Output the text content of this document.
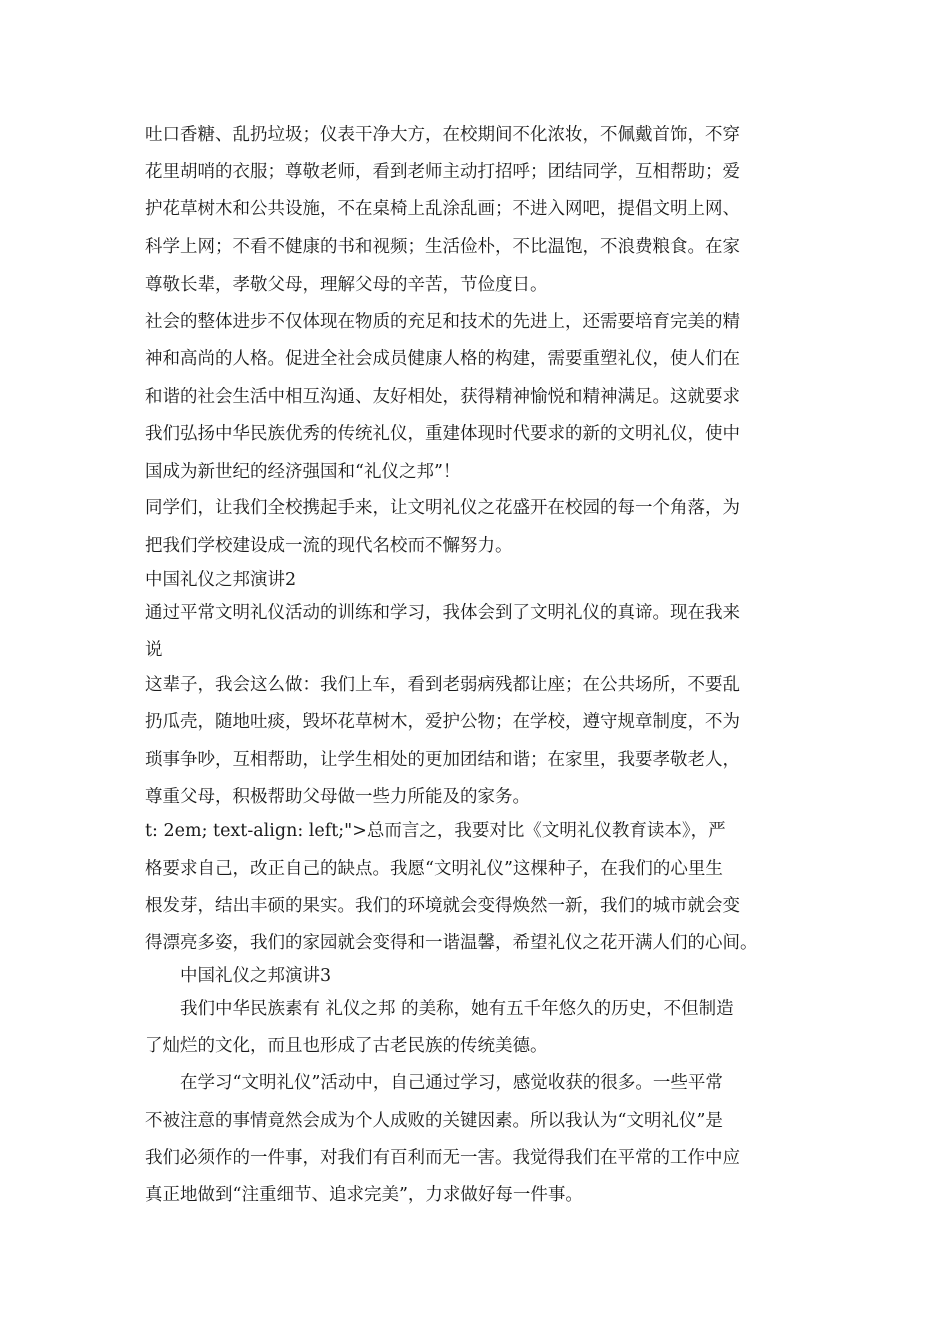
吐口香糖、乱扔垃圾；仪表干净大方，在校期间不化浓妆，不佩戴首饰，不穿
花里胡哨的衣服；尊敬老师，看到老师主动打招呼；团结同学，互相帮助；爱
护花草树木和公共设施，不在桌椅上乱涂乱画；不进入网吧，提倡文明上网、
科学上网；不看不健康的书和视频；生活俭朴，不比温饱，不浪费粮食。在家
尊敬长辈，孝敬父母，理解父母的辛苦，节俭度日。
社会的整体进步不仅体现在物质的充足和技术的先进上，还需要培育完美的精
神和高尚的人格。促进全社会成员健康人格的构建，需要重塑礼仪，使人们在
和谐的社会生活中相互沟通、友好相处，获得精神愉悦和精神满足。这就要求
我们弘扬中华民族优秀的传统礼仪，重建体现时代要求的新的文明礼仪，使中
国成为新世纪的经济强国和“礼仪之邦”！
同学们，让我们全校携起手来，让文明礼仪之花盛开在校园的每一个角落，为
把我们学校建设成一流的现代名校而不懈努力。
中国礼仪之邦演讲2
通过平常文明礼仪活动的训练和学习，我体会到了文明礼仪的真谛。现在我来
说
这辈子，我会这么做：我们上车，看到老弱病残都让座；在公共场所，不要乱
扔瓜壳，随地吐痰，毁坏花草树木，爱护公物；在学校，遵守规章制度，不为
琐事争吵，互相帮助，让学生相处的更加团结和谐；在家里，我要孝敬老人，
尊重父母，积极帮助父母做一些力所能及的家务。
t: 2em; text-align: left;">总而言之，我要对比《文明礼仪教育读本》，严
格要求自己，改正自己的缺点。我愿“文明礼仪”这棵种子，在我们的心里生
根发芽，结出丰硕的果实。我们的环境就会变得焕然一新，我们的城市就会变
得漂亮多姿，我们的家园就会变得和一谐温馨，希望礼仪之花开满人们的心间。
中国礼仪之邦演讲3
我们中华民族素有 礼仪之邦 的美称，她有五千年悠久的历史，不但制造
了灿烂的文化，而且也形成了古老民族的传统美德。
在学习“文明礼仪”活动中，自己通过学习，感觉收获的很多。一些平常
不被注意的事情竟然会成为个人成败的关键因素。所以我认为“文明礼仪”是
我们必须作的一件事，对我们有百利而无一害。我觉得我们在平常的工作中应
真正地做到“注重细节、追求完美”，力求做好每一件事。
